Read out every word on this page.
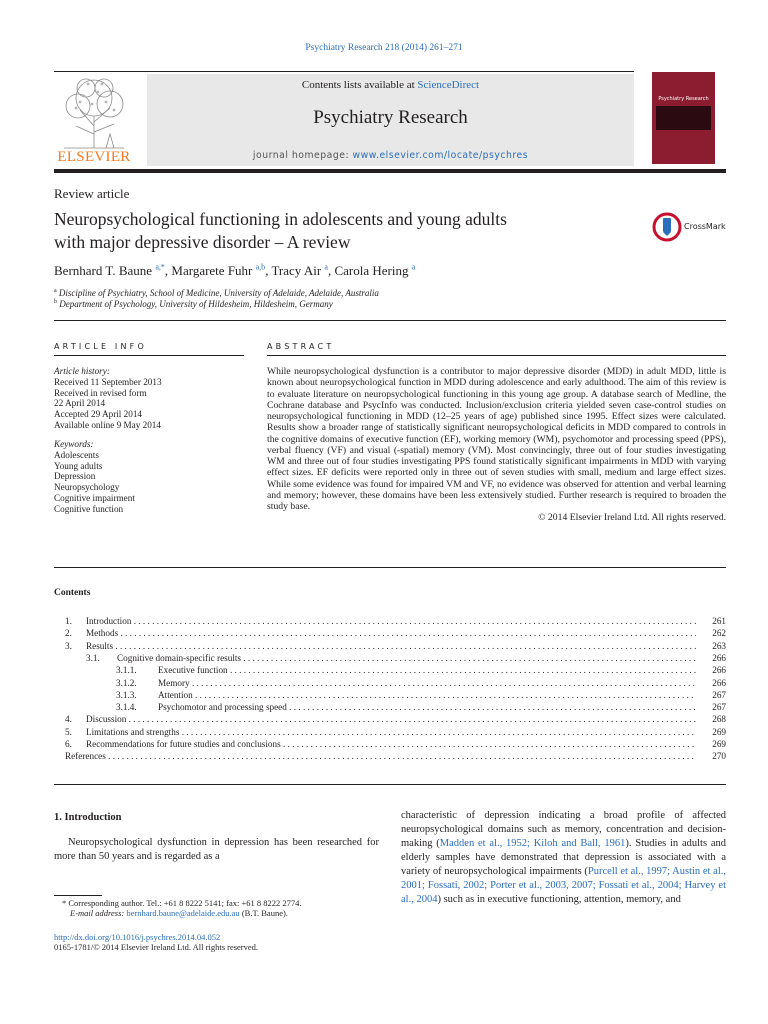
Psychiatry Research 218 (2014) 261–271
ELSEVIER
Contents lists available at ScienceDirect
Psychiatry Research
journal homepage: www.elsevier.com/locate/psychres
Psychiatry Research
Review article
Neuropsychological functioning in adolescents and young adults
with major depressive disorder – A review
CrossMark
Bernhard T. Baune $^{a,*}$, Margarete Fuhr $^{a,b}$, Tracy Air $^a$, Carola Hering $^a$
$^a$ Discipline of Psychiatry, School of Medicine, University of Adelaide, Adelaide, Australia
$^b$ Department of Psychology, University of Hildesheim, Hildesheim, Germany
ARTICLE INFO
Article history:
Received 11 September 2013
Received in revised form
22 April 2014
Accepted 29 April 2014
Available online 9 May 2014
Keywords:
Adolescents
Young adults
Depression
Neuropsychology
Cognitive impairment
Cognitive function
ABSTRACT
While neuropsychological dysfunction is a contributor to major depressive disorder (MDD) in adult MDD, little is known about neuropsychological function in MDD during adolescence and early adulthood. The aim of this review is to evaluate literature on neuropsychological functioning in this young age group. A database search of Medline, the Cochrane database and PsycInfo was conducted. Inclusion/exclusion criteria yielded seven case-control studies on neuropsychological functioning in MDD (12–25 years of age) published since 1995. Effect sizes were calculated. Results show a broader range of statistically significant neuropsychological deficits in MDD compared to controls in the cognitive domains of executive function (EF), working memory (WM), psychomotor and processing speed (PPS), verbal fluency (VF) and visual (-spatial) memory (VM). Most convincingly, three out of four studies investigating WM and three out of four studies investigating PPS found statistically significant impairments in MDD with varying effect sizes. EF deficits were reported only in three out of seven studies with small, medium and large effect sizes. While some evidence was found for impaired VM and VF, no evidence was observed for attention and verbal learning and memory; however, these domains have been less extensively studied. Further research is required to broaden the study base.
© 2014 Elsevier Ireland Ltd. All rights reserved.
Contents
1. Introduction . . .	261
2. Methods . . .	262
3. Results . . .	263
3.1. Cognitive domain-specific results . . .	266
3.1.1. Executive function . . .	266
3.1.2. Memory . . .	266
3.1.3. Attention . . .	267
3.1.4. Psychomotor and processing speed . . .	267
4. Discussion . . .	268
5. Limitations and strengths . . .	269
6. Recommendations for future studies and conclusions . . .	269
References . . .	270
1. Introduction
Neuropsychological dysfunction in depression has been researched for more than 50 years and is regarded as a
characteristic of depression indicating a broad profile of affected neuropsychological domains such as memory, concentration and decision-making (Madden et al., 1952; Kiloh and Ball, 1961). Studies in adults and elderly samples have demonstrated that depression is associated with a variety of neuropsychological impairments (Purcell et al., 1997; Austin et al., 2001; Fossati, 2002; Porter et al., 2003, 2007; Fossati et al., 2004; Harvey et al., 2004) such as in executive functioning, attention, memory, and
* Corresponding author. Tel.: +61 8 8222 5141; fax: +61 8 8222 2774.
E-mail address: bernhard.baune@adelaide.edu.au (B.T. Baune).
http://dx.doi.org/10.1016/j.psychres.2014.04.052
0165-1781/© 2014 Elsevier Ireland Ltd. All rights reserved.
